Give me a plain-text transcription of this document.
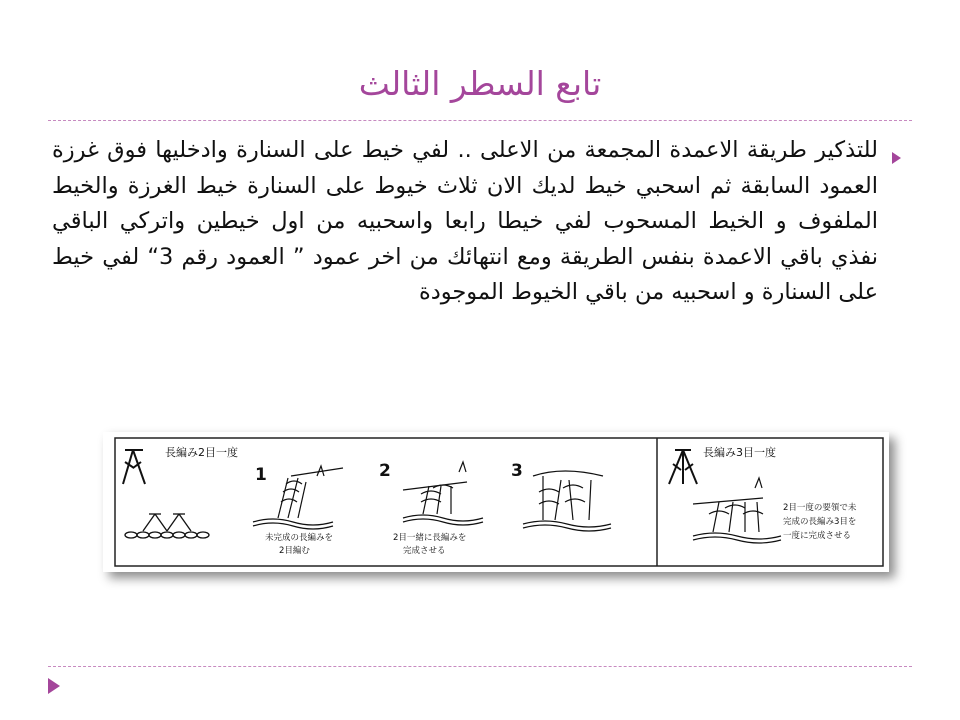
تابع السطر الثالث
للتذكير طريقة الاعمدة المجمعة من الاعلى .. لفي خيط على السنارة وادخليها فوق غرزة العمود السابقة ثم اسحبي خيط لديك الان ثلاث خيوط على السنارة خيط الغرزة والخيط الملفوف و الخيط المسحوب لفي خيطا رابعا واسحبيه من اول خيطين واتركي الباقي نفذي باقي الاعمدة بنفس الطريقة ومع انتهائك من اخر عمود ” العمود رقم 3“ لفي خيط على السنارة و اسحبيه من باقي الخيوط الموجودة
長編み2目一度
1
未完成の長編みを
2目編む
2
2目一緒に長編みを
完成させる
3
長編み3目一度
2目一度の要領で未
完成の長編み3目を
一度に完成させる
